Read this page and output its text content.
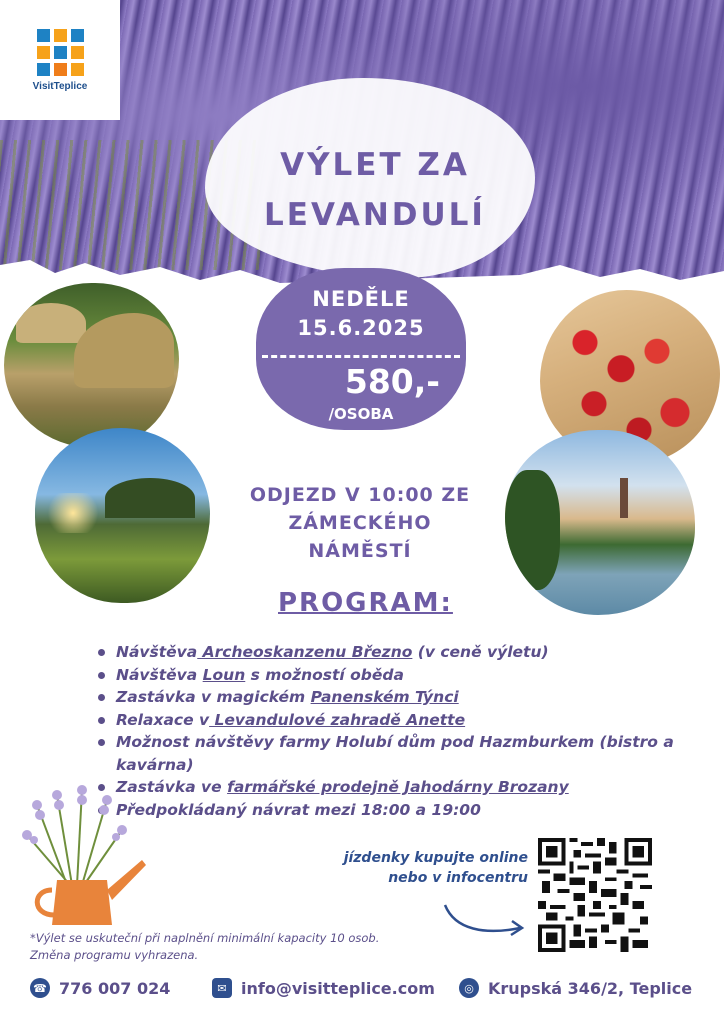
VisitTeplice
VÝLET ZA
LEVANDULÍ
NEDĚLE
15.6.2025
580,-
/OSOBA
ODJEZD V 10:00 ZE
ZÁMECKÉHO
NÁMĚSTÍ
PROGRAM:
Návštěva Archeoskanzenu Březno (v ceně výletu)
Návštěva Loun s možností oběda
Zastávka v magickém Panenském Týnci
Relaxace v Levandulové zahradě Anette
Možnost návštěvy farmy Holubí dům pod Hazmburkem (bistro a kavárna)
Zastávka ve farmářské prodejně Jahodárny Brozany
Předpokládaný návrat mezi 18:00 a 19:00
jízdenky kupujte online
nebo v infocentru
*Výlet se uskuteční při naplnění minimální kapacity 10 osob.
Změna programu vyhrazena.
☎ 776 007 024	✉ info@visitteplice.com	◎ Krupská 346/2, Teplice
